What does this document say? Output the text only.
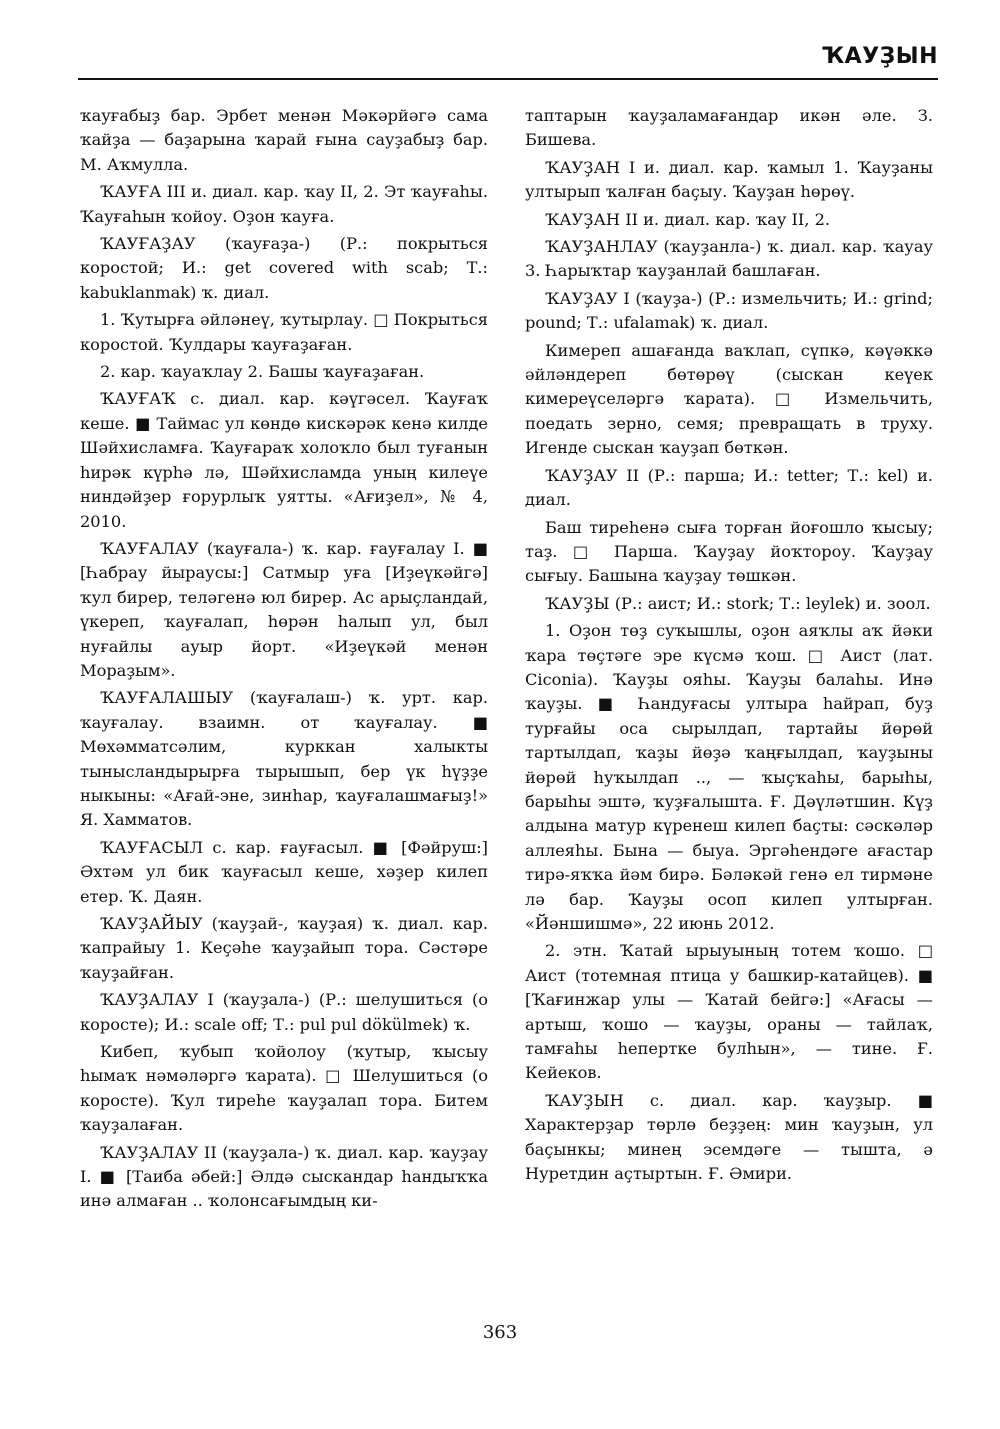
ҠАУҘЫН

ҡауғабыҙ бар. Эрбет менән Мәкәрйәгә сама ҡайҙа — баҙарына ҡарай ғына сауҙабыҙ бар. М. Аҡмулла.

ҠАУҒА III и. диал. кар. ҡау II, 2. Эт ҡауғаһы. Ҡауғаһын ҡойоу. Оҙон ҡауға.

ҠАУҒАҘАУ (ҡауғаҙа-) (Р.: покрыться коростой; И.: get covered with scab; Т.: kabuklanmak) ҡ. диал.

1. Ҡутырға әйләнеү, ҡутырлау. □ Покрыться коростой. Ҡулдары ҡауғаҙаған.

2. кар. ҡауаҡлау 2. Башы ҡауғаҙаған.

ҠАУҒАҠ с. диал. кар. кәүгәсел. Ҡауғаҡ кеше. ■ Таймас ул көндө кискәрәк кенә килде Шәйхисламға. Ҡауғараҡ холоҡло был туғанын һирәк күрһә лә, Шәйхисламда уның килеүе ниндәйҙер ғорурлыҡ уятты. «Ағиҙел», № 4, 2010.

ҠАУҒАЛАУ (ҡауғала-) ҡ. кар. ғауғалау I. ■ [Һабрау йыраусы:] Сатмыр уға [Иҙеүкәйгә] ҡул бирер, теләгенә юл бирер. Ас арыҫландай, үкереп, ҡауғалап, һөрән һалып ул, был нуғайлы ауыр йорт. «Иҙеүкәй менән Мораҙым».

ҠАУҒАЛАШЫУ (ҡауғалаш-) ҡ. урт. кар. ҡауғалау. взаимн. от ҡауғалау. ■ Мөхәмматсәлим, курккан халыкты тынысландырырға тырышып, бер үк һүҙҙе ныкыны: «Ағай-эне, зинһар, ҡауғалашмағыҙ!» Я. Хамматов.

ҠАУҒАСЫЛ с. кар. ғауғасыл. ■ [Фәйруш:] Әхтәм ул бик ҡауғасыл кеше, хәҙер килеп етер. Ҡ. Даян.

ҠАУҘАЙЫУ (ҡауҙай-, ҡауҙая) ҡ. диал. кар. ҡапрайыу 1. Кеҫәһе ҡауҙайып тора. Сәстәре ҡауҙайған.

ҠАУҘАЛАУ I (ҡауҙала-) (Р.: шелушиться (о коросте); И.: scale off; Т.: pul pul dökülmek) ҡ.

Кибеп, ҡубып ҡойолоу (ҡутыр, ҡысыу һымаҡ нәмәләргә ҡарата). □ Шелушиться (о коросте). Ҡул тиреһе ҡауҙалап тора. Битем ҡауҙалаған.

ҠАУҘАЛАУ II (ҡауҙала-) ҡ. диал. кар. ҡауҙау I. ■ [Таиба әбей:] Әлдә сыскандар һандыҡҡа инә алмаған .. ҡолонсағымдың ки-

таптарын ҡауҙаламағандар икән әле. З. Бишева.

ҠАУҘАН I и. диал. кар. ҡамыл 1. Ҡауҙаны ултырып ҡалған баҫыу. Ҡауҙан һөрөү.

ҠАУҘАН II и. диал. кар. ҡау II, 2.

ҠАУҘАНЛАУ (ҡауҙанла-) ҡ. диал. кар. ҡауау 3. Һарыҡтар ҡауҙанлай башлаған.

ҠАУҘАУ I (ҡауҙа-) (Р.: измельчить; И.: grind; pound; Т.: ufalamak) ҡ. диал.

Кимереп ашағанда ваҡлап, сүпкә, кәүәккә әйләндереп бөтөрөү (сыскан кеүек кимереүселәргә ҡарата). □ Измельчить, поедать зерно, семя; превращать в труху. Игенде сыскан ҡауҙап бөткән.

ҠАУҘАУ II (Р.: парша; И.: tetter; Т.: kel) и. диал.

Баш тиреһенә сыға торған йоғошло ҡысыу; таҙ. □ Парша. Ҡауҙау йоҡтороу. Ҡауҙау сығыу. Башына ҡауҙау төшкән.

ҠАУҘЫ (Р.: аист; И.: stork; Т.: leylek) и. зоол.

1. Оҙон төҙ суҡышлы, оҙон аяҡлы аҡ йәки ҡара төҫтәге эре күсмә ҡош. □ Аист (лат. Ciconia). Ҡауҙы ояһы. Ҡауҙы балаһы. Инә ҡауҙы. ■ Һандуғасы ултыра һайрап, буҙ турғайы оса сырылдап, тартайы йөрөй тартылдап, ҡаҙы йөҙә ҡаңғылдап, ҡауҙыны йөрөй һуҡылдап .., — ҡыҫҡаһы, барыһы, барыһы эштә, ҡуҙғалышта. Ғ. Дәүләтшин. Күҙ алдына матур күренеш килеп баҫты: сәскәләр аллеяһы. Бына — быуа. Эргәһендәге ағастар тирә-яҡҡа йәм бирә. Бәләкәй генә ел тирмәне лә бар. Ҡауҙы осоп килеп ултырған. «Йәншишмә», 22 июнь 2012.

2. этн. Ҡатай ырыуының тотем ҡошо. □ Аист (тотемная птица у башкир-катайцев). ■ [Ҡағинжар улы — Ҡатай бейгә:] «Ағасы — артыш, ҡошо — ҡауҙы, ораны — тайлаҡ, тамғаһы һепертке булһын», — тине. Ғ. Кейеков.

ҠАУҘЫН с. диал. кар. ҡауҙыр. ■ Характерҙар төрлө беҙҙең: мин ҡауҙын, ул баҫынкы; минең эсемдәге — тышта, ә Нуретдин аҫтыртын. Ғ. Әмири.

363
